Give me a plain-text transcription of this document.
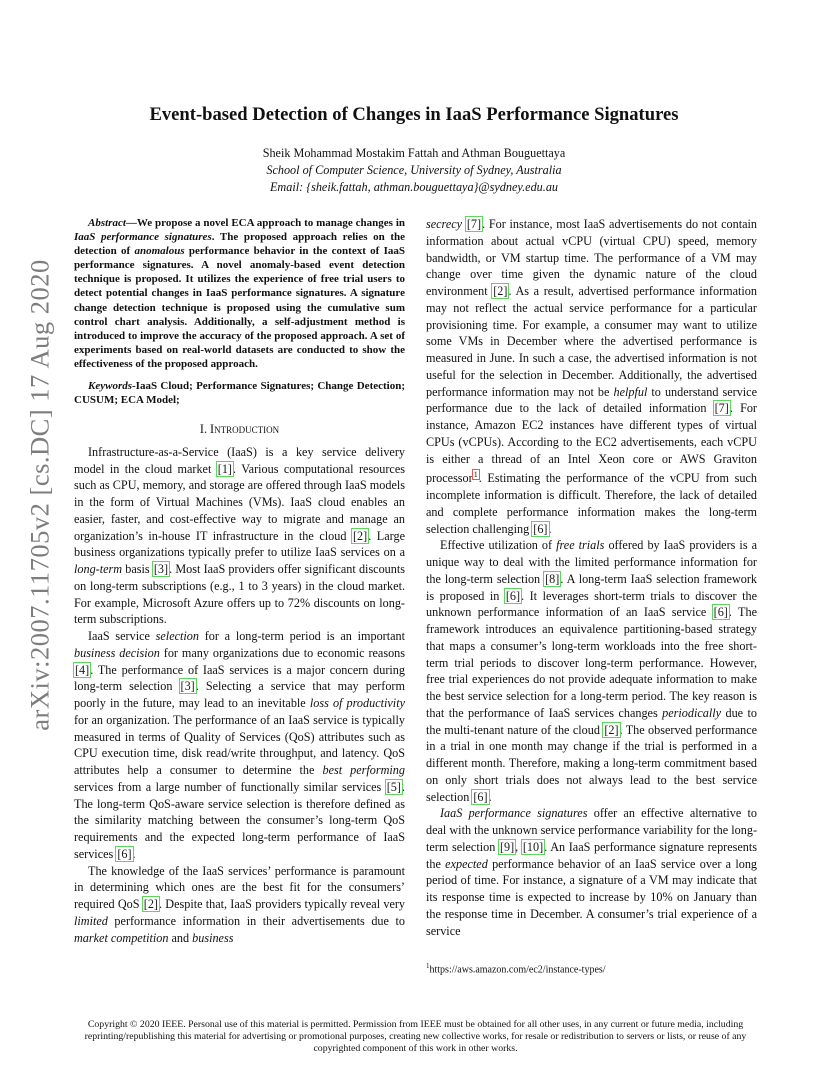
arXiv:2007.11705v2 [cs.DC] 17 Aug 2020
Event-based Detection of Changes in IaaS Performance Signatures
Sheik Mohammad Mostakim Fattah and Athman Bouguettaya
School of Computer Science, University of Sydney, Australia
Email: {sheik.fattah, athman.bouguettaya}@sydney.edu.au

Abstract—We propose a novel ECA approach to manage changes in IaaS performance signatures. The proposed approach relies on the detection of anomalous performance behavior in the context of IaaS performance signatures. A novel anomaly-based event detection technique is proposed. It utilizes the experience of free trial users to detect potential changes in IaaS performance signatures. A signature change detection technique is proposed using the cumulative sum control chart analysis. Additionally, a self-adjustment method is introduced to improve the accuracy of the proposed approach. A set of experiments based on real-world datasets are conducted to show the effectiveness of the proposed approach.

Keywords-IaaS Cloud; Performance Signatures; Change Detection; CUSUM; ECA Model;

I. Introduction

Infrastructure-as-a-Service (IaaS) is a key service delivery model in the cloud market [1]. Various computational resources such as CPU, memory, and storage are offered through IaaS models in the form of Virtual Machines (VMs). IaaS cloud enables an easier, faster, and cost-effective way to migrate and manage an organization’s in-house IT infrastructure in the cloud [2]. Large business organizations typically prefer to utilize IaaS services on a long-term basis [3]. Most IaaS providers offer significant discounts on long-term subscriptions (e.g., 1 to 3 years) in the cloud market. For example, Microsoft Azure offers up to 72% discounts on long-term subscriptions.

IaaS service selection for a long-term period is an important business decision for many organizations due to economic reasons [4]. The performance of IaaS services is a major concern during long-term selection [3]. Selecting a service that may perform poorly in the future, may lead to an inevitable loss of productivity for an organization. The performance of an IaaS service is typically measured in terms of Quality of Services (QoS) attributes such as CPU execution time, disk read/write throughput, and latency. QoS attributes help a consumer to determine the best performing services from a large number of functionally similar services [5]. The long-term QoS-aware service selection is therefore defined as the similarity matching between the consumer’s long-term QoS requirements and the expected long-term performance of IaaS services [6].

The knowledge of the IaaS services’ performance is paramount in determining which ones are the best fit for the consumers’ required QoS [2]. Despite that, IaaS providers typically reveal very limited performance information in their advertisements due to market competition and business

secrecy [7]. For instance, most IaaS advertisements do not contain information about actual vCPU (virtual CPU) speed, memory bandwidth, or VM startup time. The performance of a VM may change over time given the dynamic nature of the cloud environment [2]. As a result, advertised performance information may not reflect the actual service performance for a particular provisioning time. For example, a consumer may want to utilize some VMs in December where the advertised performance is measured in June. In such a case, the advertised information is not useful for the selection in December. Additionally, the advertised performance information may not be helpful to understand service performance due to the lack of detailed information [7]. For instance, Amazon EC2 instances have different types of virtual CPUs (vCPUs). According to the EC2 advertisements, each vCPU is either a thread of an Intel Xeon core or AWS Graviton processor$^1$. Estimating the performance of the vCPU from such incomplete information is difficult. Therefore, the lack of detailed and complete performance information makes the long-term selection challenging [6].

Effective utilization of free trials offered by IaaS providers is a unique way to deal with the limited performance information for the long-term selection [8]. A long-term IaaS selection framework is proposed in [6]. It leverages short-term trials to discover the unknown performance information of an IaaS service [6]. The framework introduces an equivalence partitioning-based strategy that maps a consumer’s long-term workloads into the free short-term trial periods to discover long-term performance. However, free trial experiences do not provide adequate information to make the best service selection for a long-term period. The key reason is that the performance of IaaS services changes periodically due to the multi-tenant nature of the cloud [2]. The observed performance in a trial in one month may change if the trial is performed in a different month. Therefore, making a long-term commitment based on only short trials does not always lead to the best service selection [6].

IaaS performance signatures offer an effective alternative to deal with the unknown service performance variability for the long-term selection [9], [10]. An IaaS performance signature represents the expected performance behavior of an IaaS service over a long period of time. For instance, a signature of a VM may indicate that its response time is expected to increase by 10% on January than the response time in December. A consumer’s trial experience of a service

$^1$https://aws.amazon.com/ec2/instance-types/
Copyright © 2020 IEEE. Personal use of this material is permitted. Permission from IEEE must be obtained for all other uses, in any current or future media, including reprinting/republishing this material for advertising or promotional purposes, creating new collective works, for resale or redistribution to servers or lists, or reuse of any copyrighted component of this work in other works.
